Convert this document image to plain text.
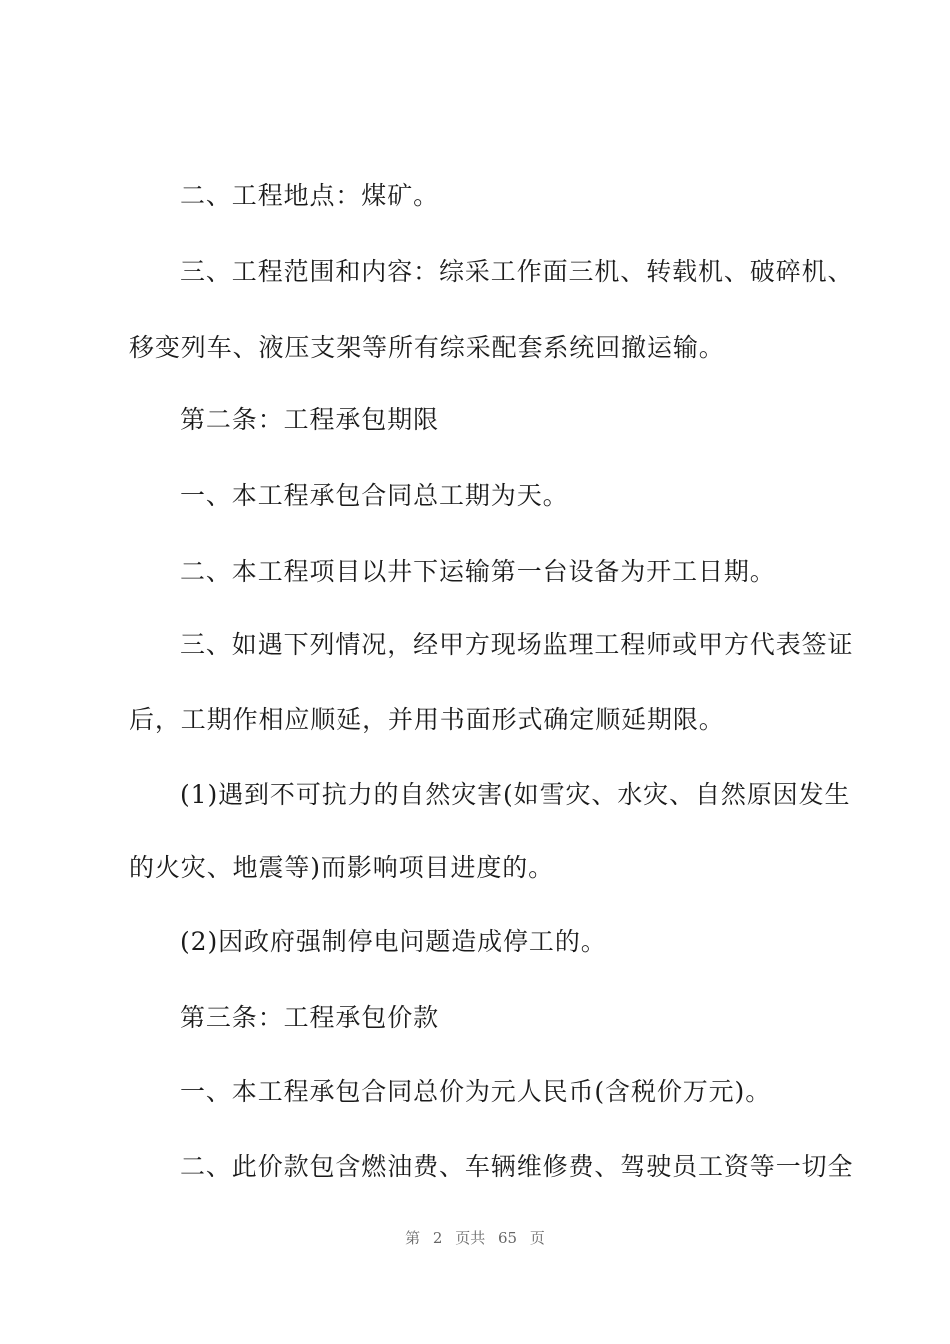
二、工程地点：煤矿。
三、工程范围和内容：综采工作面三机、转载机、破碎机、
移变列车、液压支架等所有综采配套系统回撤运输。
第二条：工程承包期限
一、本工程承包合同总工期为天。
二、本工程项目以井下运输第一台设备为开工日期。
三、如遇下列情况，经甲方现场监理工程师或甲方代表签证
后，工期作相应顺延，并用书面形式确定顺延期限。
(1)遇到不可抗力的自然灾害(如雪灾、水灾、自然原因发生
的火灾、地震等)而影响项目进度的。
(2)因政府强制停电问题造成停工的。
第三条：工程承包价款
一、本工程承包合同总价为元人民币(含税价万元)。
二、此价款包含燃油费、车辆维修费、驾驶员工资等一切全
第 2 页共 65 页
